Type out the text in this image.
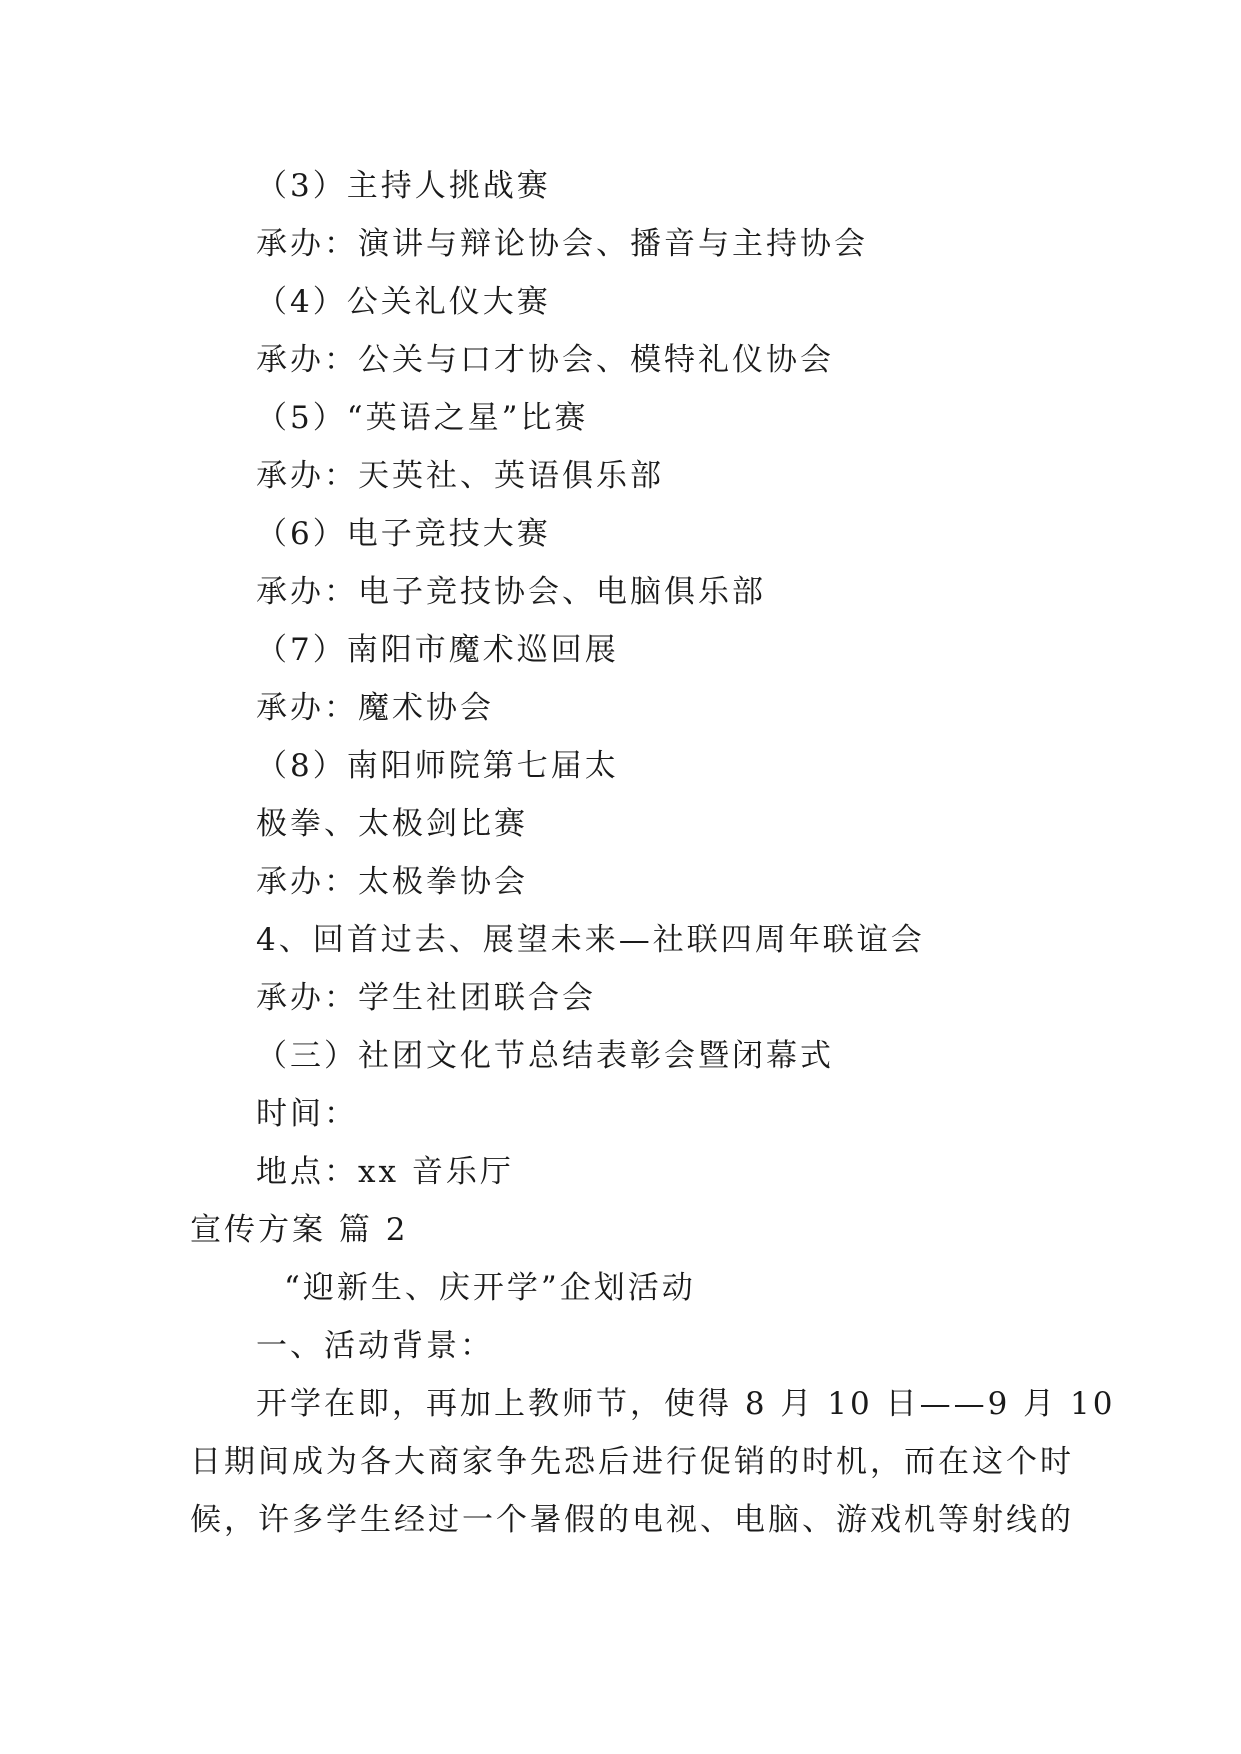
（3）主持人挑战赛
承办：演讲与辩论协会、播音与主持协会
（4）公关礼仪大赛
承办：公关与口才协会、模特礼仪协会
（5）“英语之星”比赛
承办：天英社、英语俱乐部
（6）电子竞技大赛
承办：电子竞技协会、电脑俱乐部
（7）南阳市魔术巡回展
承办：魔术协会
（8）南阳师院第七届太
极拳、太极剑比赛
承办：太极拳协会
4、回首过去、展望未来—社联四周年联谊会
承办：学生社团联合会
（三）社团文化节总结表彰会暨闭幕式
时间：
地点：xx 音乐厅
宣传方案 篇 2
“迎新生、庆开学”企划活动
一、活动背景：
开学在即，再加上教师节，使得 8 月 10 日——9 月 10
日期间成为各大商家争先恐后进行促销的时机，而在这个时
候，许多学生经过一个暑假的电视、电脑、游戏机等射线的
